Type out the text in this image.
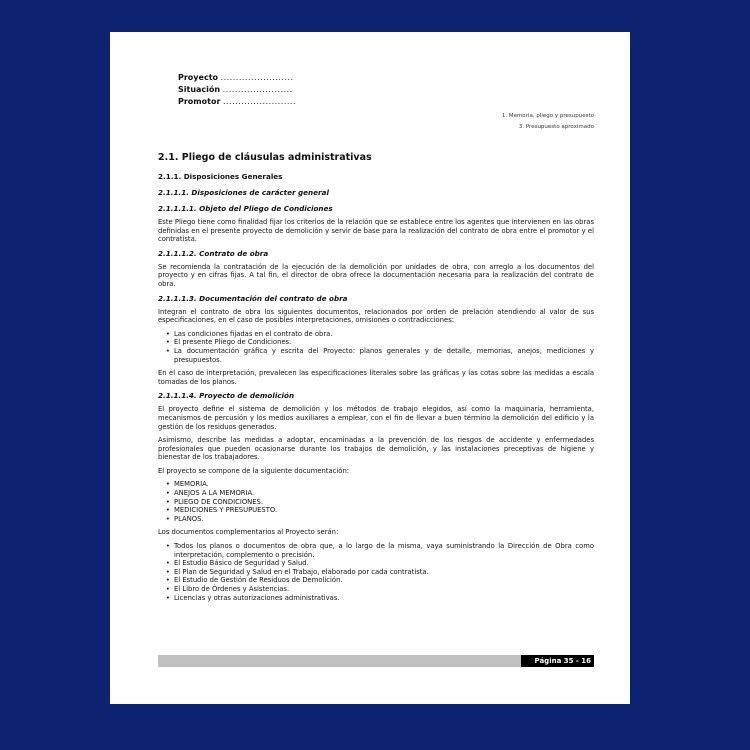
Proyecto ........................
Situación .......................
Promotor ........................
1. Memoria, pliego y presupuesto
3. Presupuesto aproximado
2.1. Pliego de cláusulas administrativas
2.1.1. Disposiciones Generales
2.1.1.1. Disposiciones de carácter general
2.1.1.1.1. Objeto del Pliego de Condiciones

Este Pliego tiene como finalidad fijar los criterios de la relación que se establece entre los agentes que intervienen en las obras definidas en el presente proyecto de demolición y servir de base para la realización del contrato de obra entre el promotor y el contratista.

2.1.1.1.2. Contrato de obra

Se recomienda la contratación de la ejecución de la demolición por unidades de obra, con arreglo a los documentos del proyecto y en cifras fijas. A tal fin, el director de obra ofrece la documentación necesaria para la realización del contrato de obra.

2.1.1.1.3. Documentación del contrato de obra

Integran el contrato de obra los siguientes documentos, relacionados por orden de prelación atendiendo al valor de sus especificaciones, en el caso de posibles interpretaciones, omisiones o contradicciones:

• Las condiciones fijadas en el contrato de obra.
• El presente Pliego de Condiciones.
• La documentación gráfica y escrita del Proyecto: planos generales y de detalle, memorias, anejos, mediciones y presupuestos.

En el caso de interpretación, prevalecen las especificaciones literales sobre las gráficas y las cotas sobre las medidas a escala tomadas de los planos.

2.1.1.1.4. Proyecto de demolición

El proyecto define el sistema de demolición y los métodos de trabajo elegidos, así como la maquinaria, herramienta, mecanismos de percusión y los medios auxiliares a emplear, con el fin de llevar a buen término la demolición del edificio y la gestión de los residuos generados.

Asimismo, describe las medidas a adoptar, encaminadas a la prevención de los riesgos de accidente y enfermedades profesionales que pueden ocasionarse durante los trabajos de demolición, y las instalaciones preceptivas de higiene y bienestar de los trabajadores.

El proyecto se compone de la siguiente documentación:

• MEMORIA.
• ANEJOS A LA MEMORIA.
• PLIEGO DE CONDICIONES.
• MEDICIONES Y PRESUPUESTO.
• PLANOS.

Los documentos complementarios al Proyecto serán:

• Todos los planos o documentos de obra que, a lo largo de la misma, vaya suministrando la Dirección de Obra como interpretación, complemento o precisión.
• El Estudio Básico de Seguridad y Salud.
• El Plan de Seguridad y Salud en el Trabajo, elaborado por cada contratista.
• El Estudio de Gestión de Residuos de Demolición.
• El Libro de Órdenes y Asistencias.
• Licencias y otras autorizaciones administrativas.
Página 35 - 16
